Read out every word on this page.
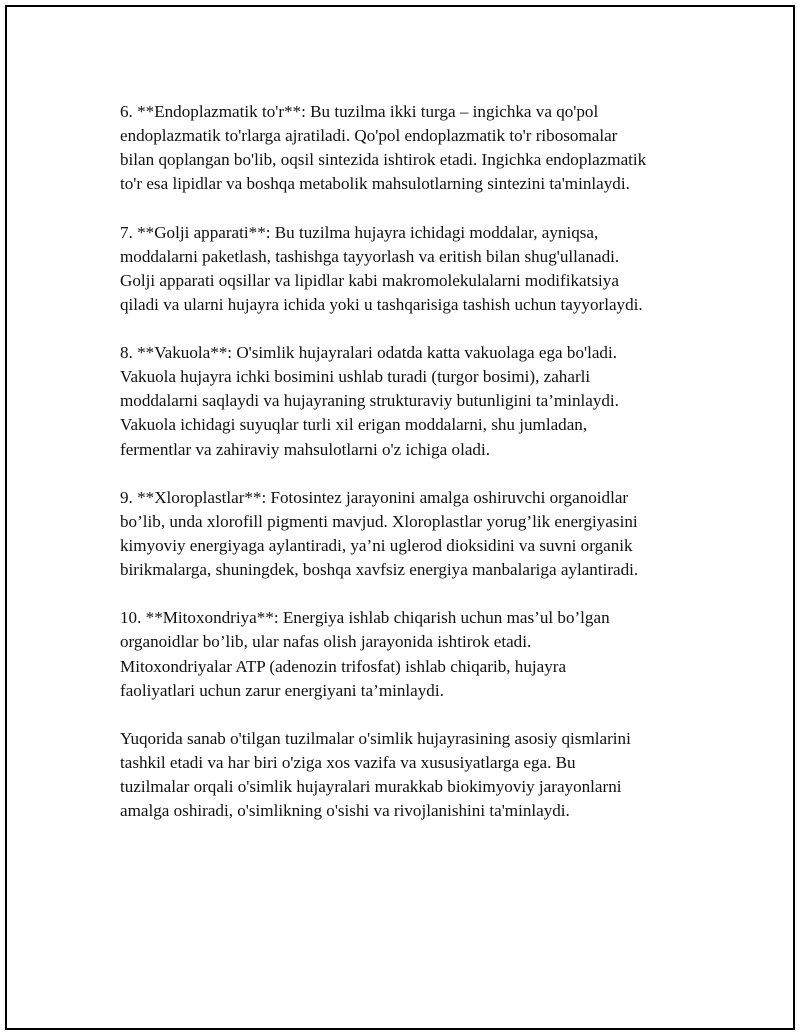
6. **Endoplazmatik to'r**: Bu tuzilma ikki turga – ingichka va qo'pol
endoplazmatik to'rlarga ajratiladi. Qo'pol endoplazmatik to'r ribosomalar
bilan qoplangan bo'lib, oqsil sintezida ishtirok etadi. Ingichka endoplazmatik
to'r esa lipidlar va boshqa metabolik mahsulotlarning sintezini ta'minlaydi.

7. **Golji apparati**: Bu tuzilma hujayra ichidagi moddalar, ayniqsa,
moddalarni paketlash, tashishga tayyorlash va eritish bilan shug'ullanadi.
Golji apparati oqsillar va lipidlar kabi makromolekulalarni modifikatsiya
qiladi va ularni hujayra ichida yoki u tashqarisiga tashish uchun tayyorlaydi.

8. **Vakuola**: O'simlik hujayralari odatda katta vakuolaga ega bo'ladi.
Vakuola hujayra ichki bosimini ushlab turadi (turgor bosimi), zaharli
moddalarni saqlaydi va hujayraning strukturaviy butunligini ta’minlaydi.
Vakuola ichidagi suyuqlar turli xil erigan moddalarni, shu jumladan,
fermentlar va zahiraviy mahsulotlarni o'z ichiga oladi.

9. **Xloroplastlar**: Fotosintez jarayonini amalga oshiruvchi organoidlar
bo’lib, unda xlorofill pigmenti mavjud. Xloroplastlar yorug’lik energiyasini
kimyoviy energiyaga aylantiradi, ya’ni uglerod dioksidini va suvni organik
birikmalarga, shuningdek, boshqa xavfsiz energiya manbalariga aylantiradi.

10. **Mitoxondriya**: Energiya ishlab chiqarish uchun mas’ul bo’lgan
organoidlar bo’lib, ular nafas olish jarayonida ishtirok etadi.
Mitoxondriyalar ATP (adenozin trifosfat) ishlab chiqarib, hujayra
faoliyatlari uchun zarur energiyani ta’minlaydi.

Yuqorida sanab o'tilgan tuzilmalar o'simlik hujayrasining asosiy qismlarini
tashkil etadi va har biri o'ziga xos vazifa va xususiyatlarga ega. Bu
tuzilmalar orqali o'simlik hujayralari murakkab biokimyoviy jarayonlarni
amalga oshiradi, o'simlikning o'sishi va rivojlanishini ta'minlaydi.
